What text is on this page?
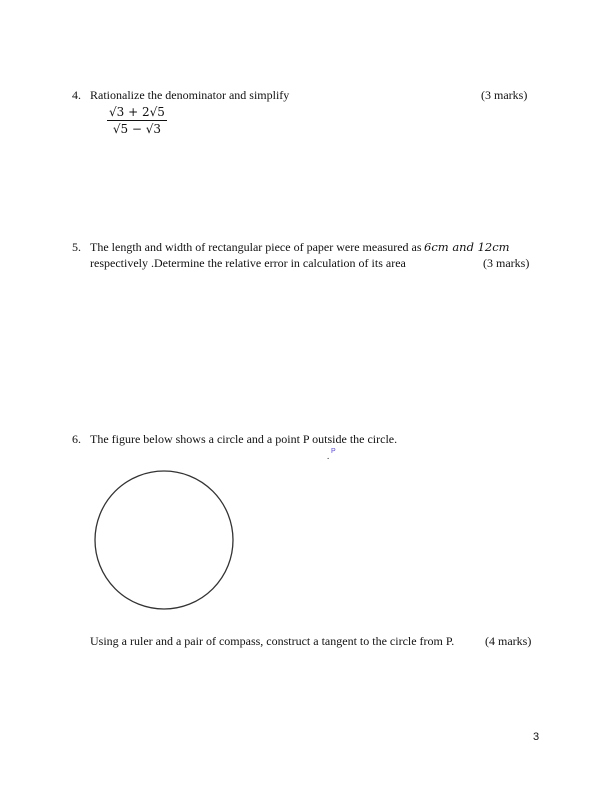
4. Rationalize the denominator and simplify	(3 marks)
$\frac{√3 + 2√5}{√5 - √3}$
5. The length and width of rectangular piece of paper were measured as 6cm and 12cm
respectively .Determine the relative error in calculation of its area	(3 marks)
6. The figure below shows a circle and a point P outside the circle.
. P
Using a ruler and a pair of compass, construct a tangent to the circle from P.	(4 marks)
3
